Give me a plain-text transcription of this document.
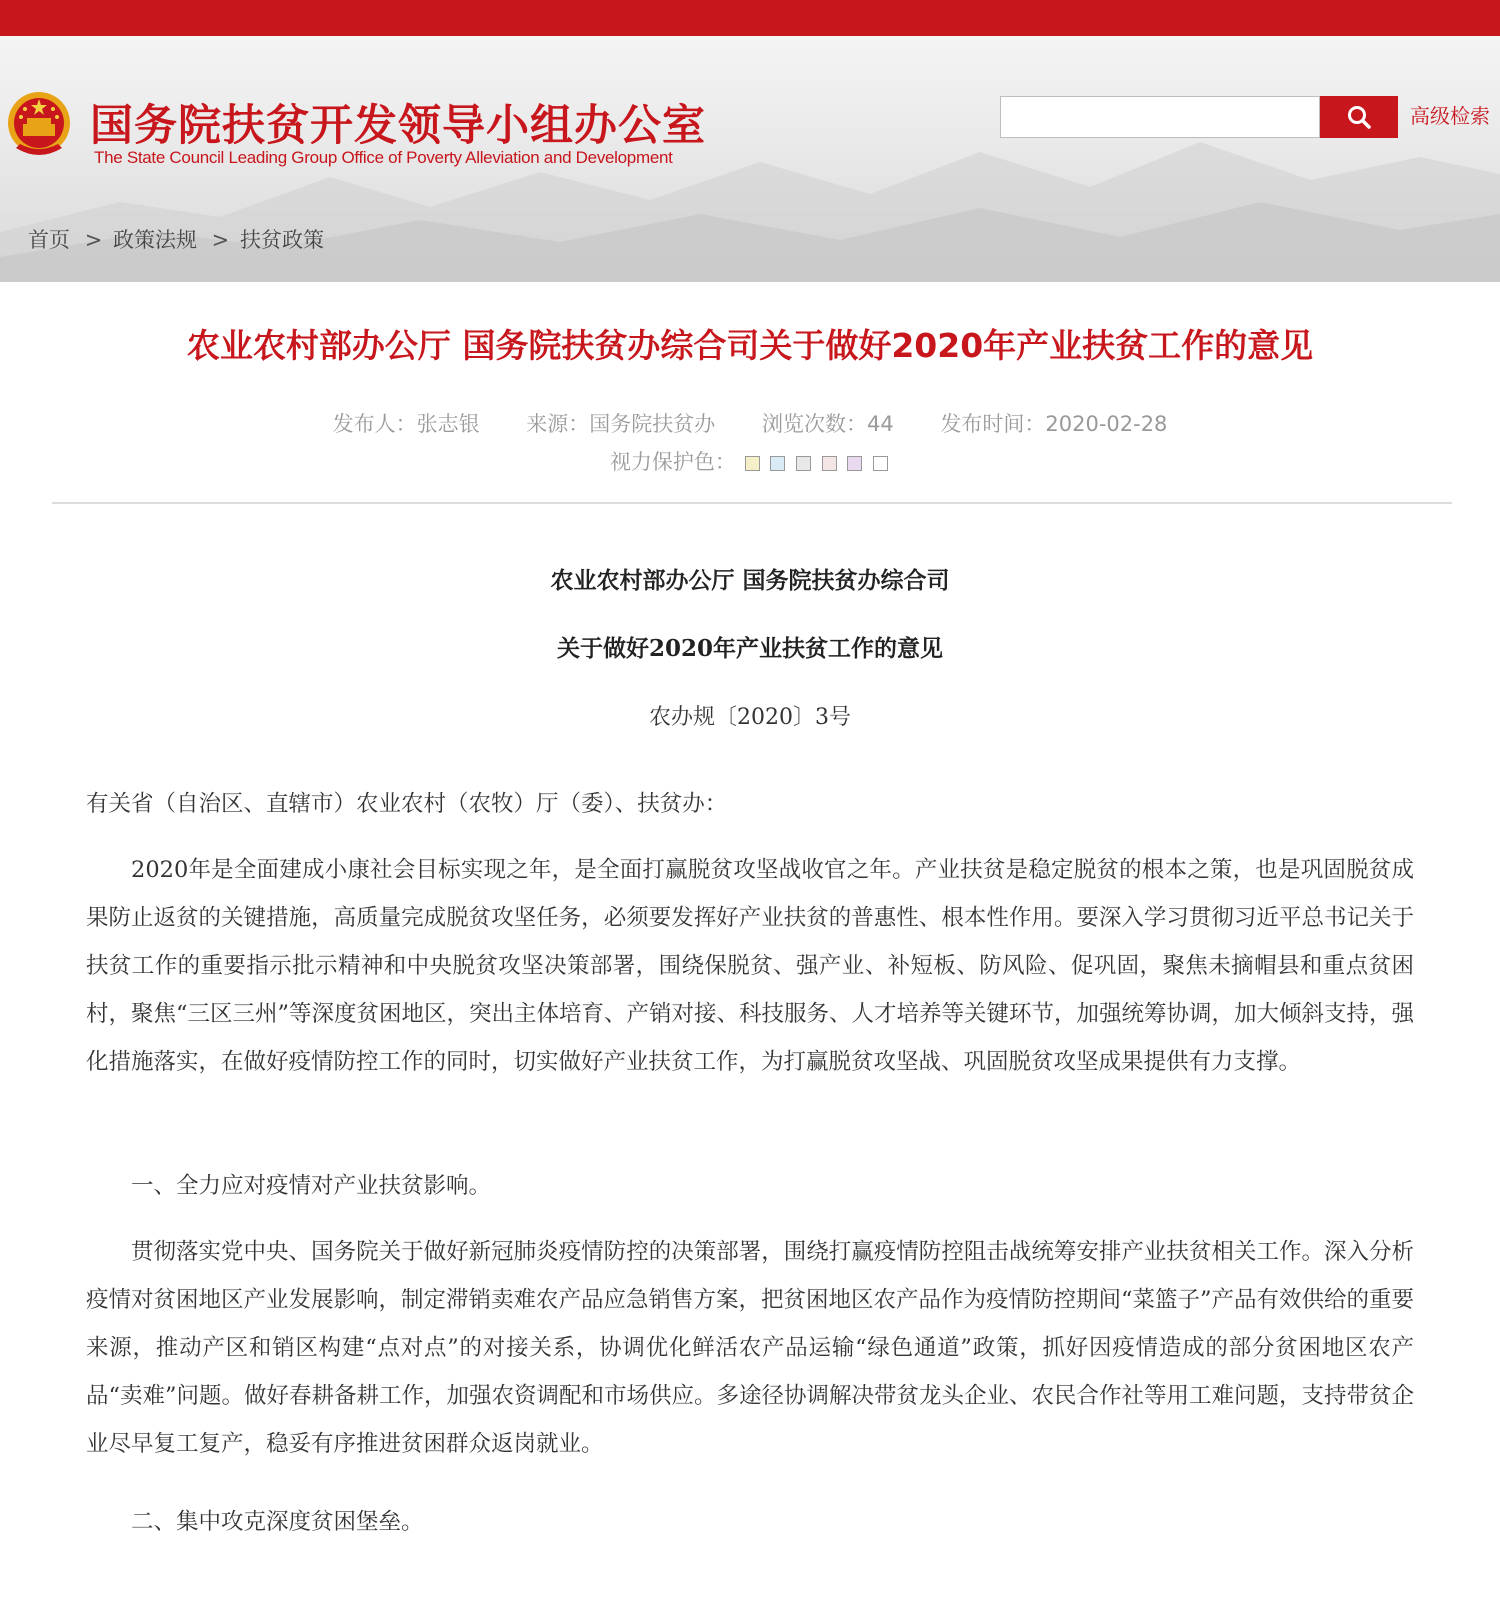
国务院扶贫开发领导小组办公室
The State Council Leading Group Office of Poverty Alleviation and Development
高级检索
首页 > 政策法规 > 扶贫政策
农业农村部办公厅 国务院扶贫办综合司关于做好2020年产业扶贫工作的意见
发布人：张志银 来源：国务院扶贫办 浏览次数：44 发布时间：2020-02-28
视力保护色：
农业农村部办公厅 国务院扶贫办综合司
关于做好2020年产业扶贫工作的意见
农办规〔2020〕3号
有关省（自治区、直辖市）农业农村（农牧）厅（委）、扶贫办：
2020年是全面建成小康社会目标实现之年，是全面打赢脱贫攻坚战收官之年。产业扶贫是稳定脱贫的根本之策，也是巩固脱贫成果防止返贫的关键措施，高质量完成脱贫攻坚任务，必须要发挥好产业扶贫的普惠性、根本性作用。要深入学习贯彻习近平总书记关于扶贫工作的重要指示批示精神和中央脱贫攻坚决策部署，围绕保脱贫、强产业、补短板、防风险、促巩固，聚焦未摘帽县和重点贫困村，聚焦“三区三州”等深度贫困地区，突出主体培育、产销对接、科技服务、人才培养等关键环节，加强统筹协调，加大倾斜支持，强化措施落实，在做好疫情防控工作的同时，切实做好产业扶贫工作，为打赢脱贫攻坚战、巩固脱贫攻坚成果提供有力支撑。
一、全力应对疫情对产业扶贫影响。
贯彻落实党中央、国务院关于做好新冠肺炎疫情防控的决策部署，围绕打赢疫情防控阻击战统筹安排产业扶贫相关工作。深入分析疫情对贫困地区产业发展影响，制定滞销卖难农产品应急销售方案，把贫困地区农产品作为疫情防控期间“菜篮子”产品有效供给的重要来源，推动产区和销区构建“点对点”的对接关系，协调优化鲜活农产品运输“绿色通道”政策，抓好因疫情造成的部分贫困地区农产品“卖难”问题。做好春耕备耕工作，加强农资调配和市场供应。多途径协调解决带贫龙头企业、农民合作社等用工难问题，支持带贫企业尽早复工复产，稳妥有序推进贫困群众返岗就业。
二、集中攻克深度贫困堡垒。
